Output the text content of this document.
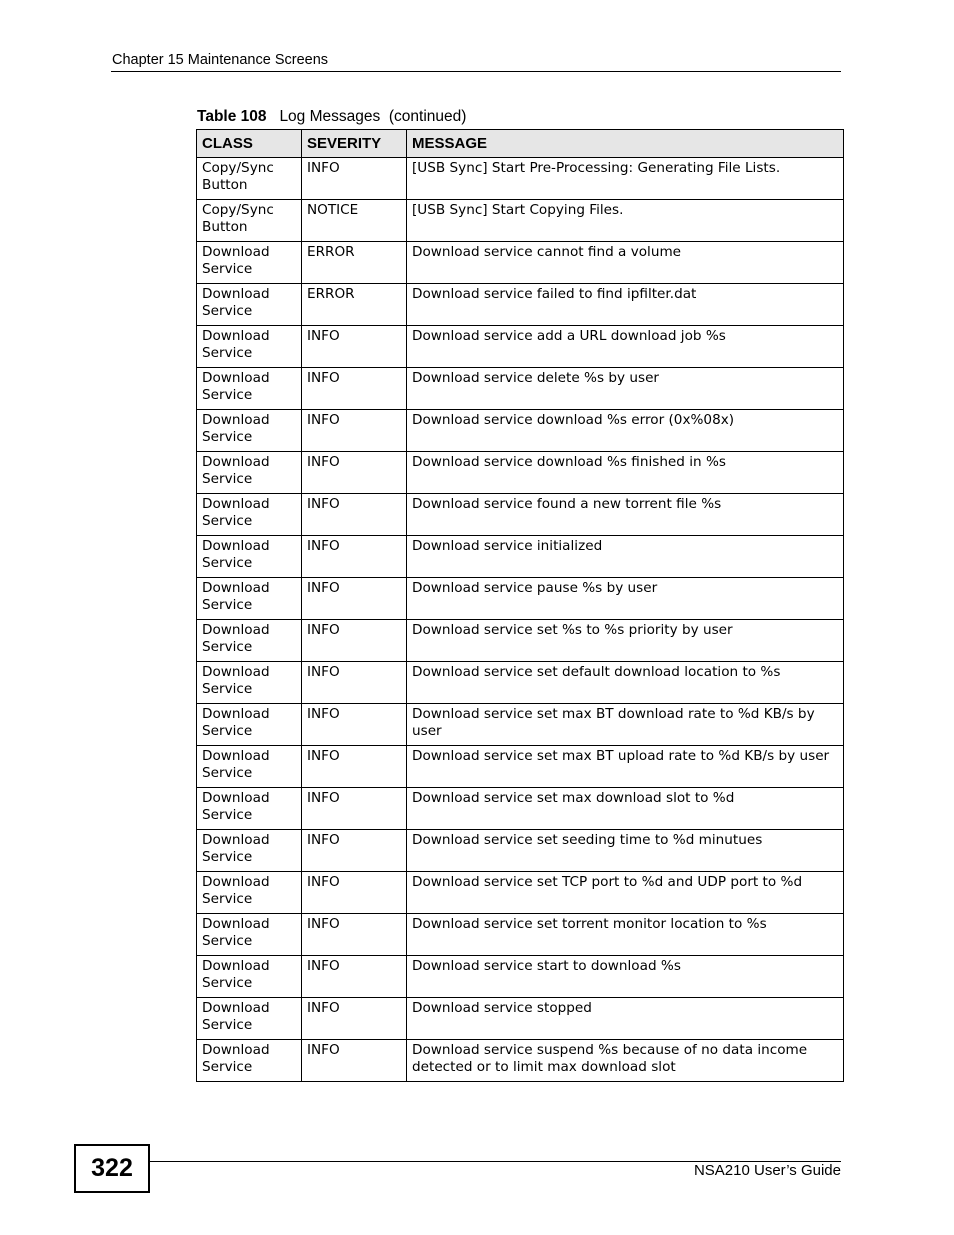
Chapter 15 Maintenance Screens
Table 108 Log Messages  (continued)
CLASS	SEVERITY	MESSAGE
Copy/Sync Button	INFO	[USB Sync] Start Pre-Processing: Generating File Lists.
Copy/Sync Button	NOTICE	[USB Sync] Start Copying Files.
Download Service	ERROR	Download service cannot find a volume
Download Service	ERROR	Download service failed to find ipfilter.dat
Download Service	INFO	Download service add a URL download job %s
Download Service	INFO	Download service delete %s by user
Download Service	INFO	Download service download %s error (0x%08x)
Download Service	INFO	Download service download %s finished in %s
Download Service	INFO	Download service found a new torrent file %s
Download Service	INFO	Download service initialized
Download Service	INFO	Download service pause %s by user
Download Service	INFO	Download service set %s to %s priority by user
Download Service	INFO	Download service set default download location to %s
Download Service	INFO	Download service set max BT download rate to %d KB/s by user
Download Service	INFO	Download service set max BT upload rate to %d KB/s by user
Download Service	INFO	Download service set max download slot to %d
Download Service	INFO	Download service set seeding time to %d minutues
Download Service	INFO	Download service set TCP port to %d and UDP port to %d
Download Service	INFO	Download service set torrent monitor location to %s
Download Service	INFO	Download service start to download %s
Download Service	INFO	Download service stopped
Download Service	INFO	Download service suspend %s because of no data income detected or to limit max download slot
322	NSA210 User’s Guide
